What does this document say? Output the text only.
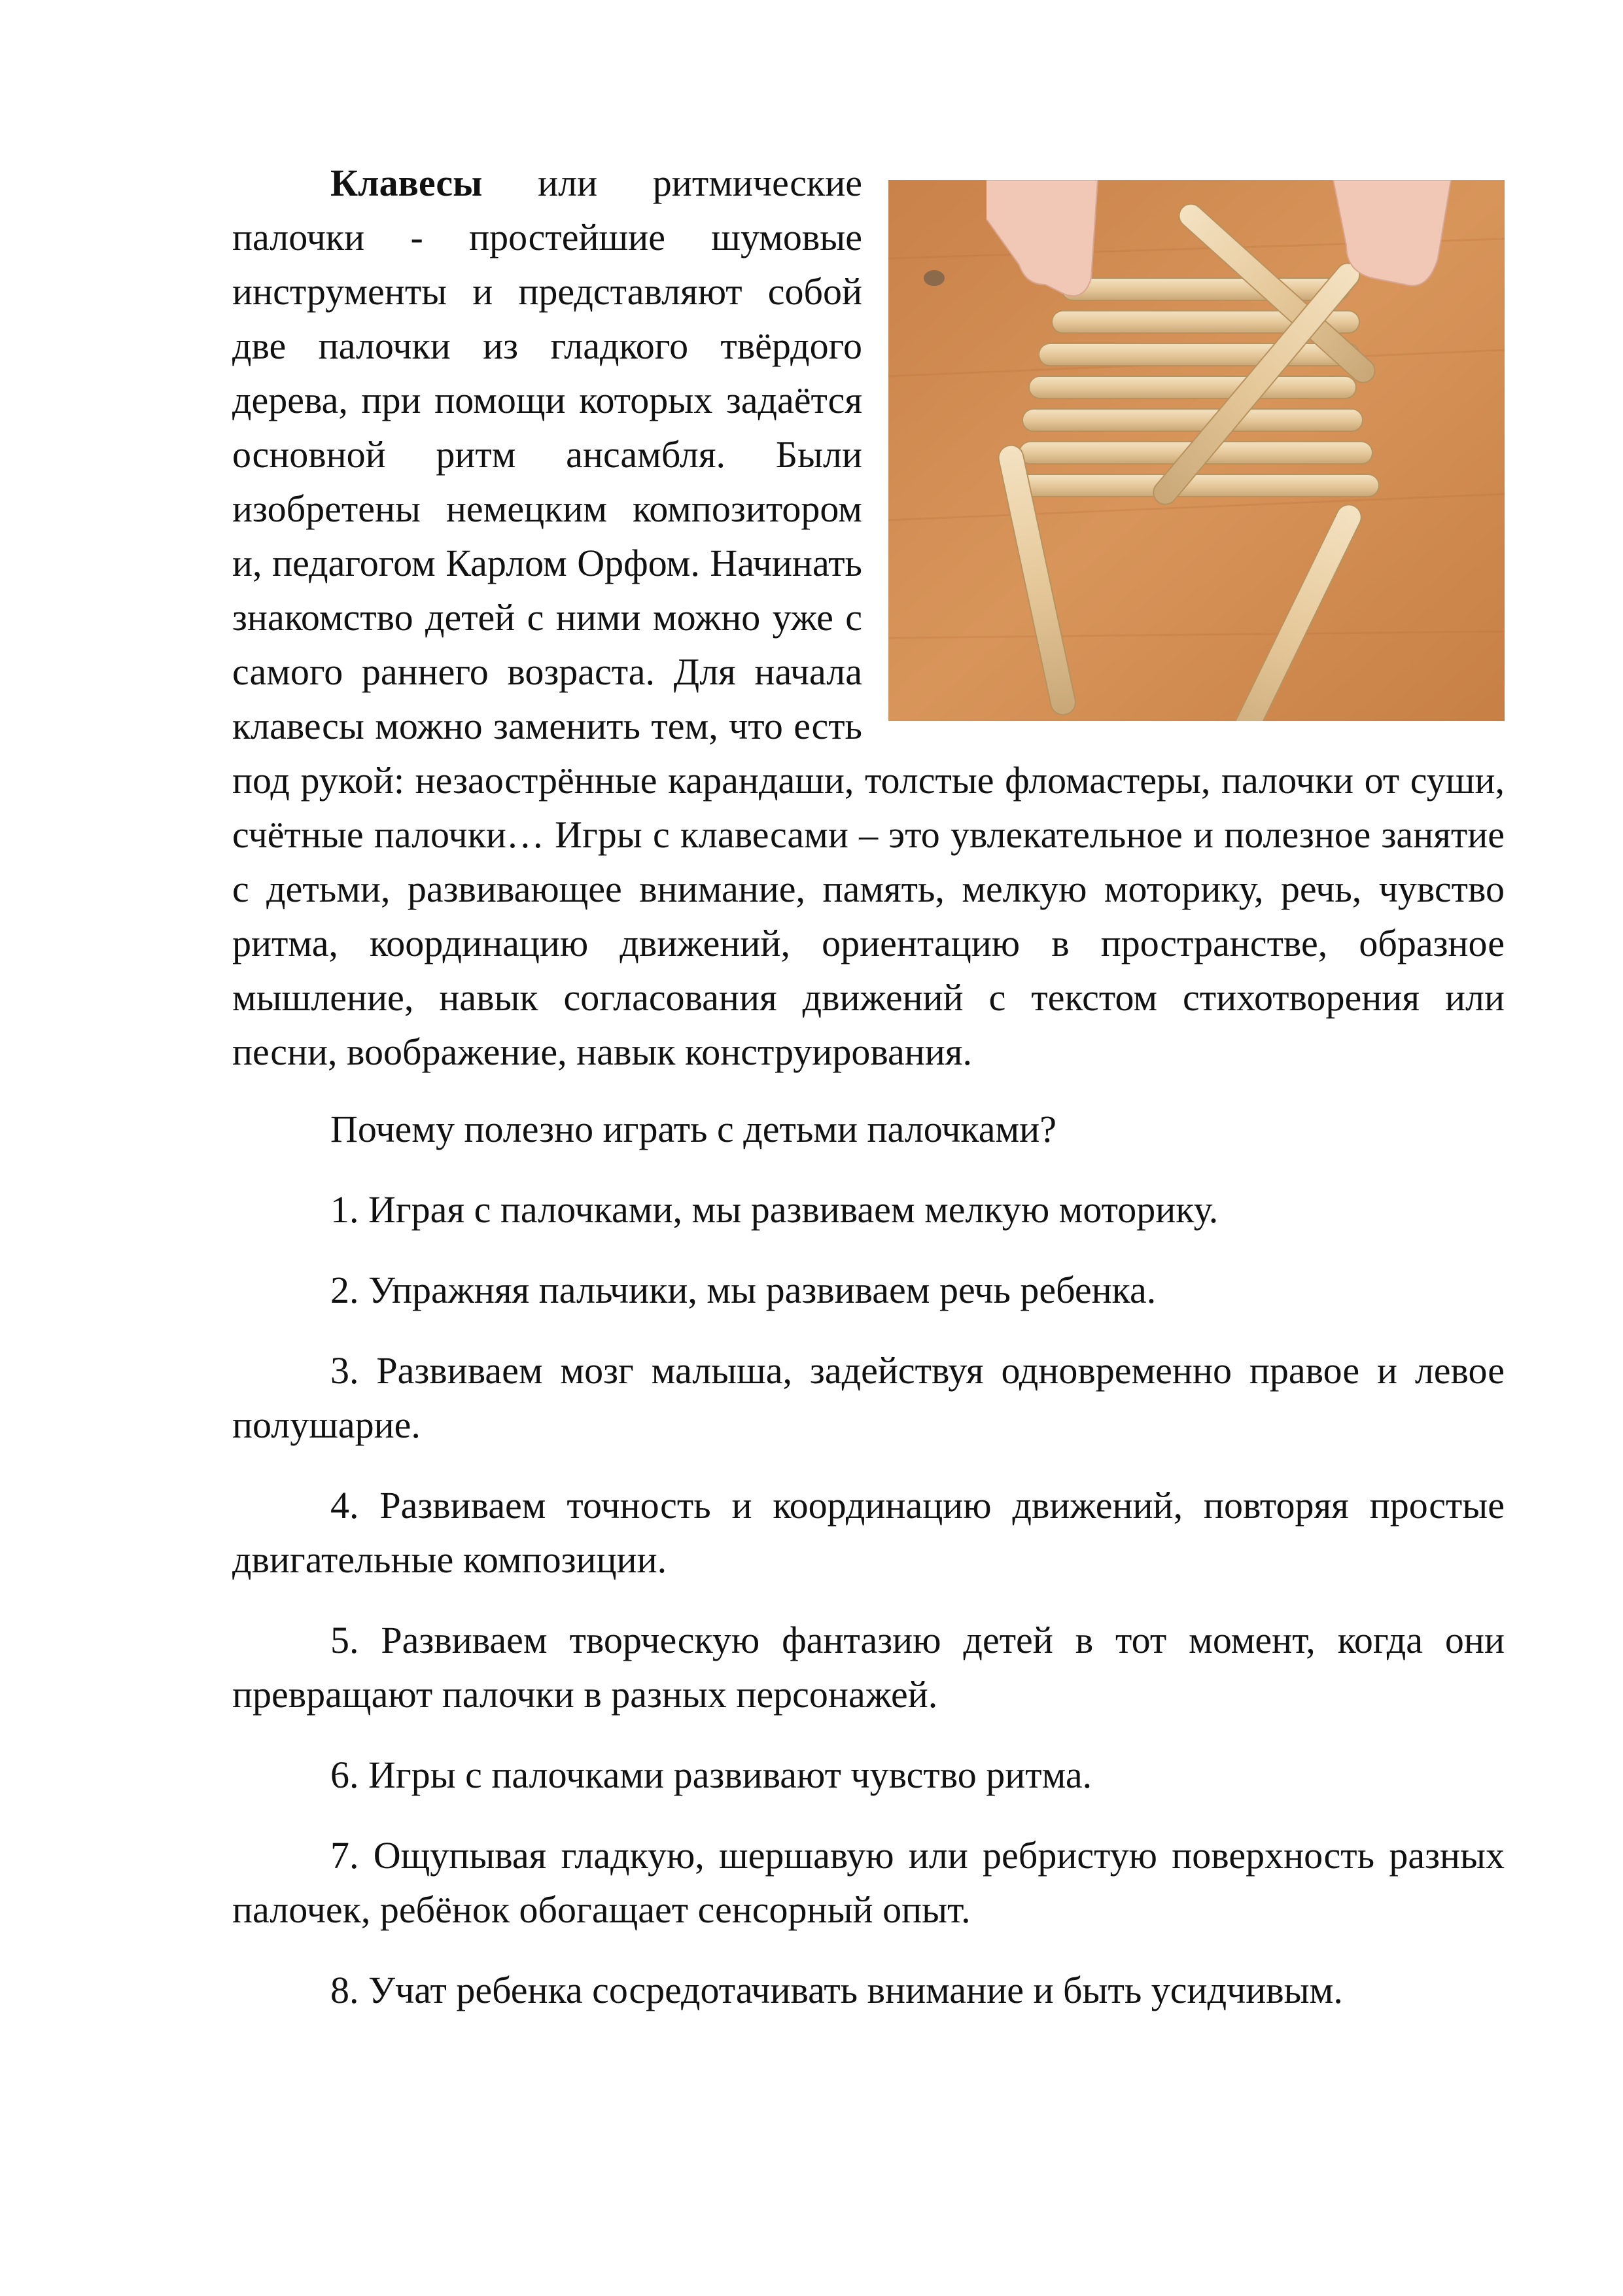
Клавесы или ритмические палочки - простейшие шумовые инструменты и представляют собой две палочки из гладкого твёрдого дерева, при помощи которых задаётся основной ритм ансамбля. Были изобретены немецким композитором и, педагогом Карлом Орфом. Начинать знакомство детей с ними можно уже с самого раннего возраста. Для начала клавесы можно заменить тем, что есть под рукой: незаострённые карандаши, толстые фломастеры, палочки от суши, счётные палочки… Игры с клавесами – это увлекательное и полезное занятие с детьми, развивающее внимание, память, мелкую моторику, речь, чувство ритма, координацию движений, ориентацию в пространстве, образное мышление, навык согласования движений с текстом стихотворения или песни, воображение, навык конструирования.

Почему полезно играть с детьми палочками?

1. Играя с палочками, мы развиваем мелкую моторику.

2. Упражняя пальчики, мы развиваем речь ребенка.

3. Развиваем мозг малыша, задействуя одновременно правое и левое полушарие.

4. Развиваем точность и координацию движений, повторяя простые двигательные композиции.

5. Развиваем творческую фантазию детей в тот момент, когда они превращают палочки в разных персонажей.

6. Игры с палочками развивают чувство ритма.

7. Ощупывая гладкую, шершавую или ребристую поверхность разных палочек, ребёнок обогащает сенсорный опыт.

8. Учат ребенка сосредотачивать внимание и быть усидчивым.
